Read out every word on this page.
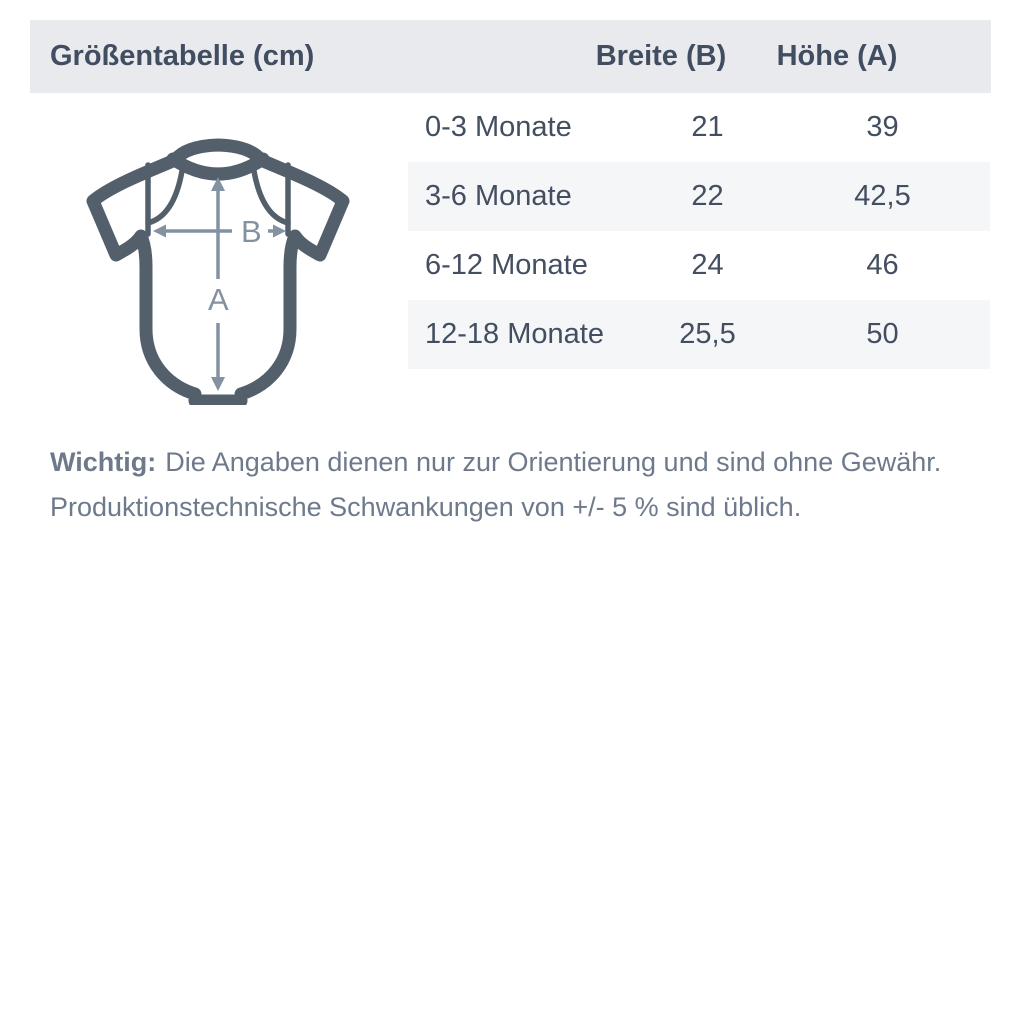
Größentabelle (cm)	Breite (B)	Höhe (A)
0-3 Monate	21	39
3-6 Monate	22	42,5
6-12 Monate	24	46
12-18 Monate	25,5	50
A
B
Wichtig: Die Angaben dienen nur zur Orientierung und sind ohne Gewähr.
Produktionstechnische Schwankungen von +/- 5 % sind üblich.
